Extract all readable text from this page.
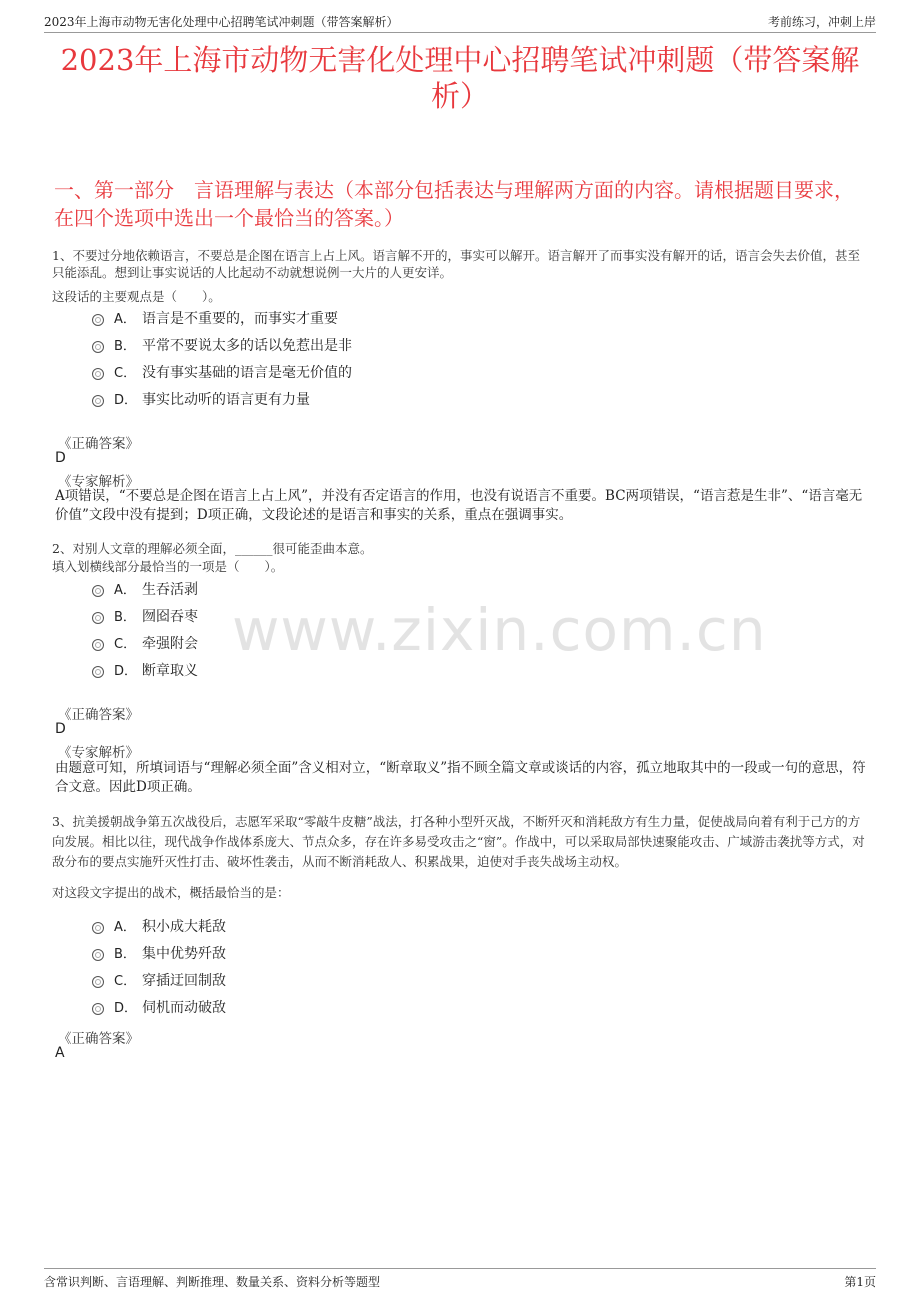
2023年上海市动物无害化处理中心招聘笔试冲刺题（带答案解析）	考前练习，冲刺上岸
2023年上海市动物无害化处理中心招聘笔试冲刺题（带答案解析）
一、第一部分　言语理解与表达（本部分包括表达与理解两方面的内容。请根据题目要求，在四个选项中选出一个最恰当的答案。）
www.zixin.com.cn
1、不要过分地依赖语言，不要总是企图在语言上占上风。语言解不开的，事实可以解开。语言解开了而事实没有解开的话，语言会失去价值，甚至只能添乱。想到让事实说话的人比起动不动就想说例一大片的人更安详。
这段话的主要观点是（　　）。
A． 语言是不重要的，而事实才重要
B． 平常不要说太多的话以免惹出是非
C． 没有事实基础的语言是毫无价值的
D． 事实比动听的语言更有力量
《正确答案》
D
《专家解析》
A项错误，“不要总是企图在语言上占上风”，并没有否定语言的作用，也没有说语言不重要。BC两项错误，“语言惹是生非”、“语言毫无价值”文段中没有提到；D项正确，文段论述的是语言和事实的关系，重点在强调事实。
2、对别人文章的理解必须全面，______很可能歪曲本意。
填入划横线部分最恰当的一项是（　　）。
A． 生吞活剥
B． 囫囵吞枣
C． 牵强附会
D． 断章取义
《正确答案》
D
《专家解析》
由题意可知，所填词语与“理解必须全面”含义相对立，“断章取义”指不顾全篇文章或谈话的内容，孤立地取其中的一段或一句的意思，符合文意。因此D项正确。
3、抗美援朝战争第五次战役后，志愿军采取“零敲牛皮糖”战法，打各种小型歼灭战，不断歼灭和消耗敌方有生力量，促使战局向着有利于己方的方向发展。相比以往，现代战争作战体系庞大、节点众多，存在许多易受攻击之“窗”。作战中，可以采取局部快速聚能攻击、广域游击袭扰等方式，对敌分布的要点实施歼灭性打击、破坏性袭击，从而不断消耗敌人、积累战果，迫使对手丧失战场主动权。
对这段文字提出的战术，概括最恰当的是：
A． 积小成大耗敌
B． 集中优势歼敌
C． 穿插迂回制敌
D． 伺机而动破敌
《正确答案》
A
含常识判断、言语理解、判断推理、数量关系、资料分析等题型	第1页
